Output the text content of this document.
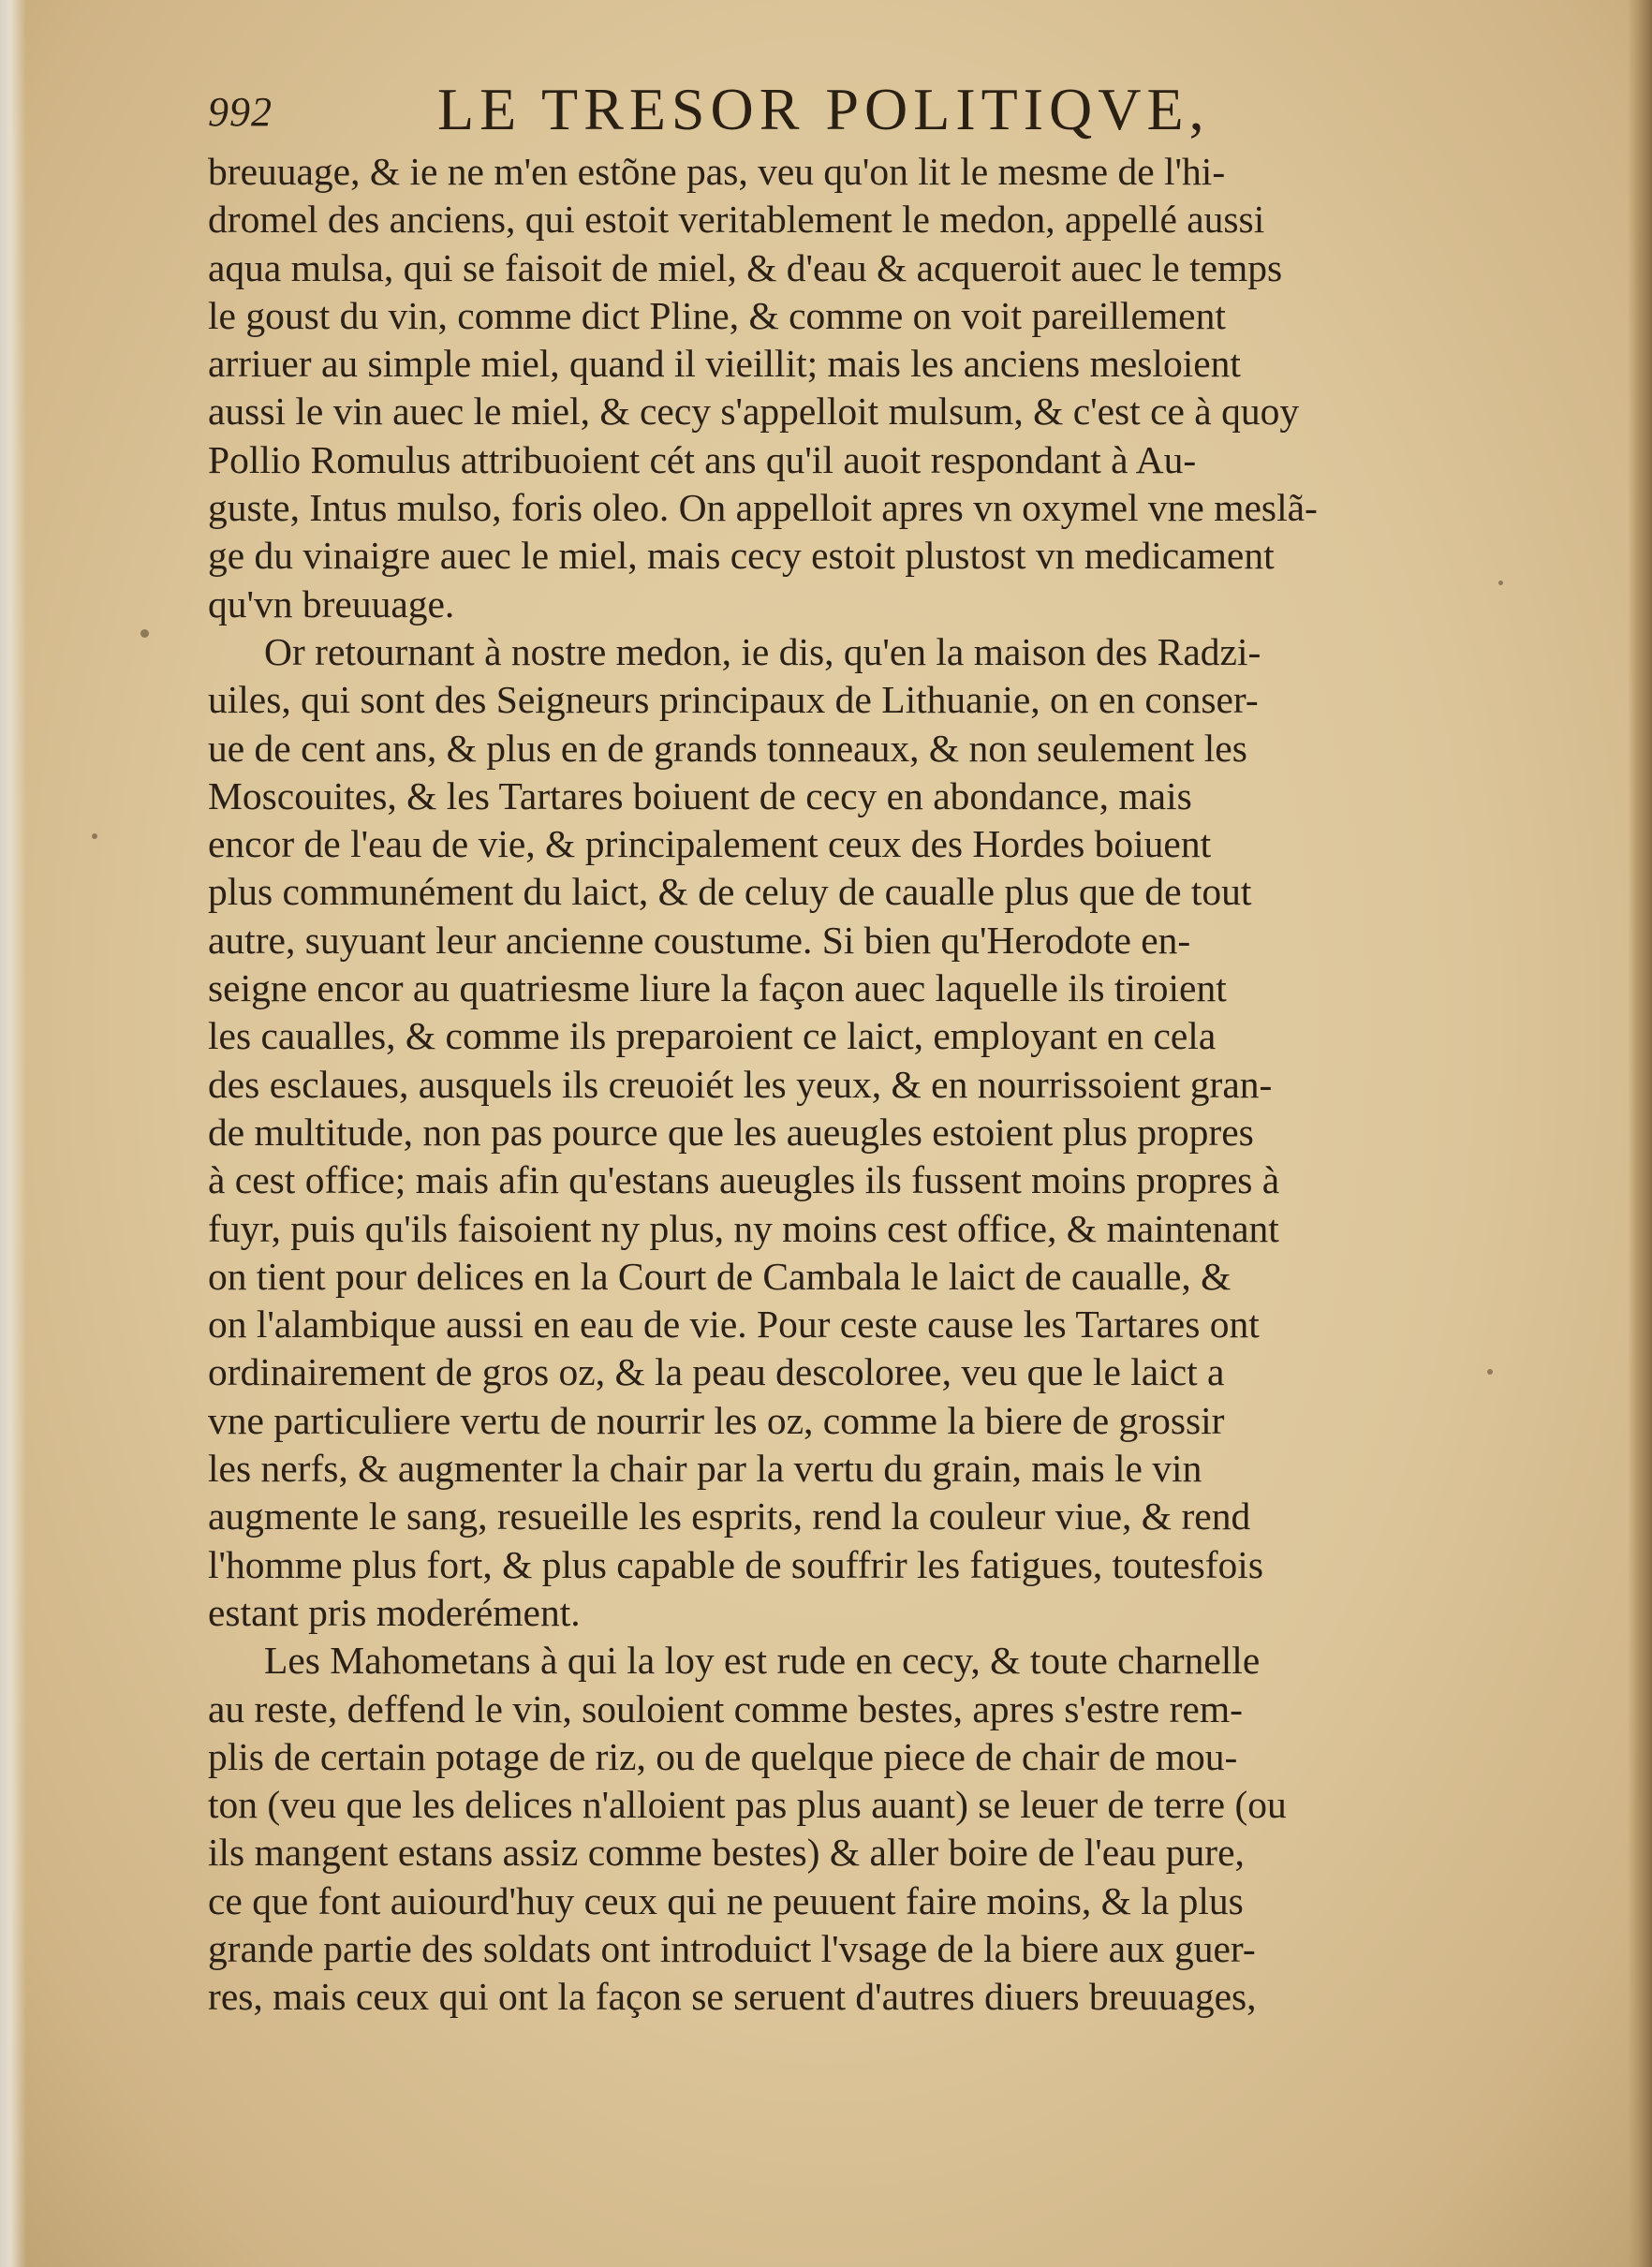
992	LE TRESOR POLITIQVE,
breuuage, & ie ne m'en estõne pas, veu qu'on lit le mesme de l'hi-
dromel des anciens, qui estoit veritablement le medon, appellé aussi
aqua mulsa, qui se faisoit de miel, & d'eau & acqueroit auec le temps
le goust du vin, comme dict Pline, & comme on voit pareillement
arriuer au simple miel, quand il vieillit; mais les anciens mesloient
aussi le vin auec le miel, & cecy s'appelloit mulsum, & c'est ce à quoy
Pollio Romulus attribuoient cét ans qu'il auoit respondant à Au-
guste, Intus mulso, foris oleo. On appelloit apres vn oxymel vne meslã-
ge du vinaigre auec le miel, mais cecy estoit plustost vn medicament
qu'vn breuuage.
Or retournant à nostre medon, ie dis, qu'en la maison des Radzi-
uiles, qui sont des Seigneurs principaux de Lithuanie, on en conser-
ue de cent ans, & plus en de grands tonneaux, & non seulement les
Moscouites, & les Tartares boiuent de cecy en abondance, mais
encor de l'eau de vie, & principalement ceux des Hordes boiuent
plus communément du laict, & de celuy de caualle plus que de tout
autre, suyuant leur ancienne coustume. Si bien qu'Herodote en-
seigne encor au quatriesme liure la façon auec laquelle ils tiroient
les caualles, & comme ils preparoient ce laict, employant en cela
des esclaues, ausquels ils creuoiét les yeux, & en nourrissoient gran-
de multitude, non pas pource que les aueugles estoient plus propres
à cest office; mais afin qu'estans aueugles ils fussent moins propres à
fuyr, puis qu'ils faisoient ny plus, ny moins cest office, & maintenant
on tient pour delices en la Court de Cambala le laict de caualle, &
on l'alambique aussi en eau de vie. Pour ceste cause les Tartares ont
ordinairement de gros oz, & la peau descoloree, veu que le laict a
vne particuliere vertu de nourrir les oz, comme la biere de grossir
les nerfs, & augmenter la chair par la vertu du grain, mais le vin
augmente le sang, resueille les esprits, rend la couleur viue, & rend
l'homme plus fort, & plus capable de souffrir les fatigues, toutesfois
estant pris moderément.
Les Mahometans à qui la loy est rude en cecy, & toute charnelle
au reste, deffend le vin, souloient comme bestes, apres s'estre rem-
plis de certain potage de riz, ou de quelque piece de chair de mou-
ton (veu que les delices n'alloient pas plus auant) se leuer de terre (ou
ils mangent estans assiz comme bestes) & aller boire de l'eau pure,
ce que font auiourd'huy ceux qui ne peuuent faire moins, & la plus
grande partie des soldats ont introduict l'vsage de la biere aux guer-
res, mais ceux qui ont la façon se seruent d'autres diuers breuuages,
